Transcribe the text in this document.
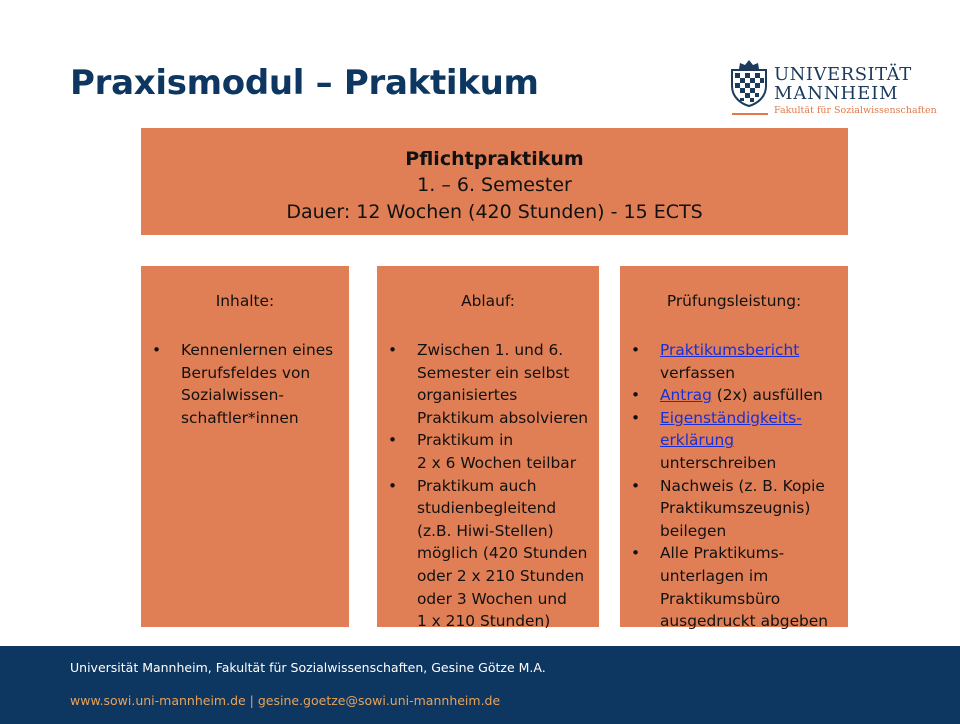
Praxismodul – Praktikum	UNIVERSITÄT
MANNHEIM
Fakultät für Sozialwissenschaften
Pflichtpraktikum
1. – 6. Semester
Dauer: 12 Wochen (420 Stunden) - 15 ECTS
Inhalte:
• Kennenlernen eines
Berufsfeldes von
Sozialwissen-
schaftler*innen
Ablauf:
• Zwischen 1. und 6.
Semester ein selbst
organisiertes
Praktikum absolvieren
• Praktikum in
2 x 6 Wochen teilbar
• Praktikum auch
studienbegleitend
(z.B. Hiwi-Stellen)
möglich (420 Stunden
oder 2 x 210 Stunden
oder 3 Wochen und
1 x 210 Stunden)
Prüfungsleistung:
• Praktikumsbericht
verfassen
• Antrag (2x) ausfüllen
• Eigenständigkeits-
erklärung
unterschreiben
• Nachweis (z. B. Kopie
Praktikumszeugnis)
beilegen
• Alle Praktikums-
unterlagen im
Praktikumsbüro
ausgedruckt abgeben
Universität Mannheim, Fakultät für Sozialwissenschaften, Gesine Götze M.A.
www.sowi.uni-mannheim.de | gesine.goetze@sowi.uni-mannheim.de
